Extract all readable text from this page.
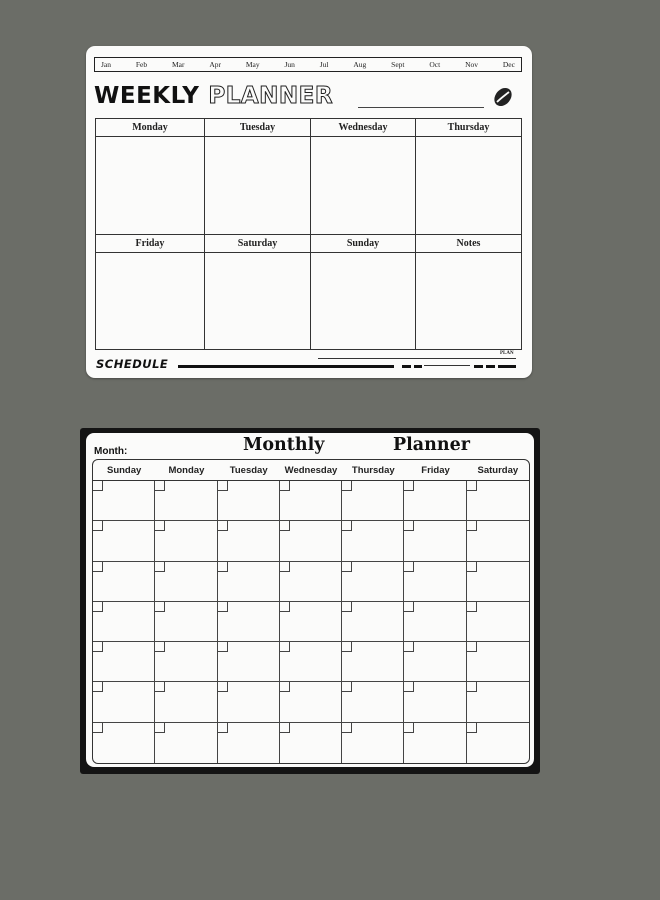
Jan	Feb	Mar	Apr	May	Jun	Jul	Aug	Sept	Oct	Nov	Dec
WEEKLY PLANNER
Monday	Tuesday	Wednesday	Thursday
Friday	Saturday	Sunday	Notes
SCHEDULE
PLAN
Month:	Monthly	Planner
Sunday	Monday	Tuesday	Wednesday	Thursday	Friday	Saturday
